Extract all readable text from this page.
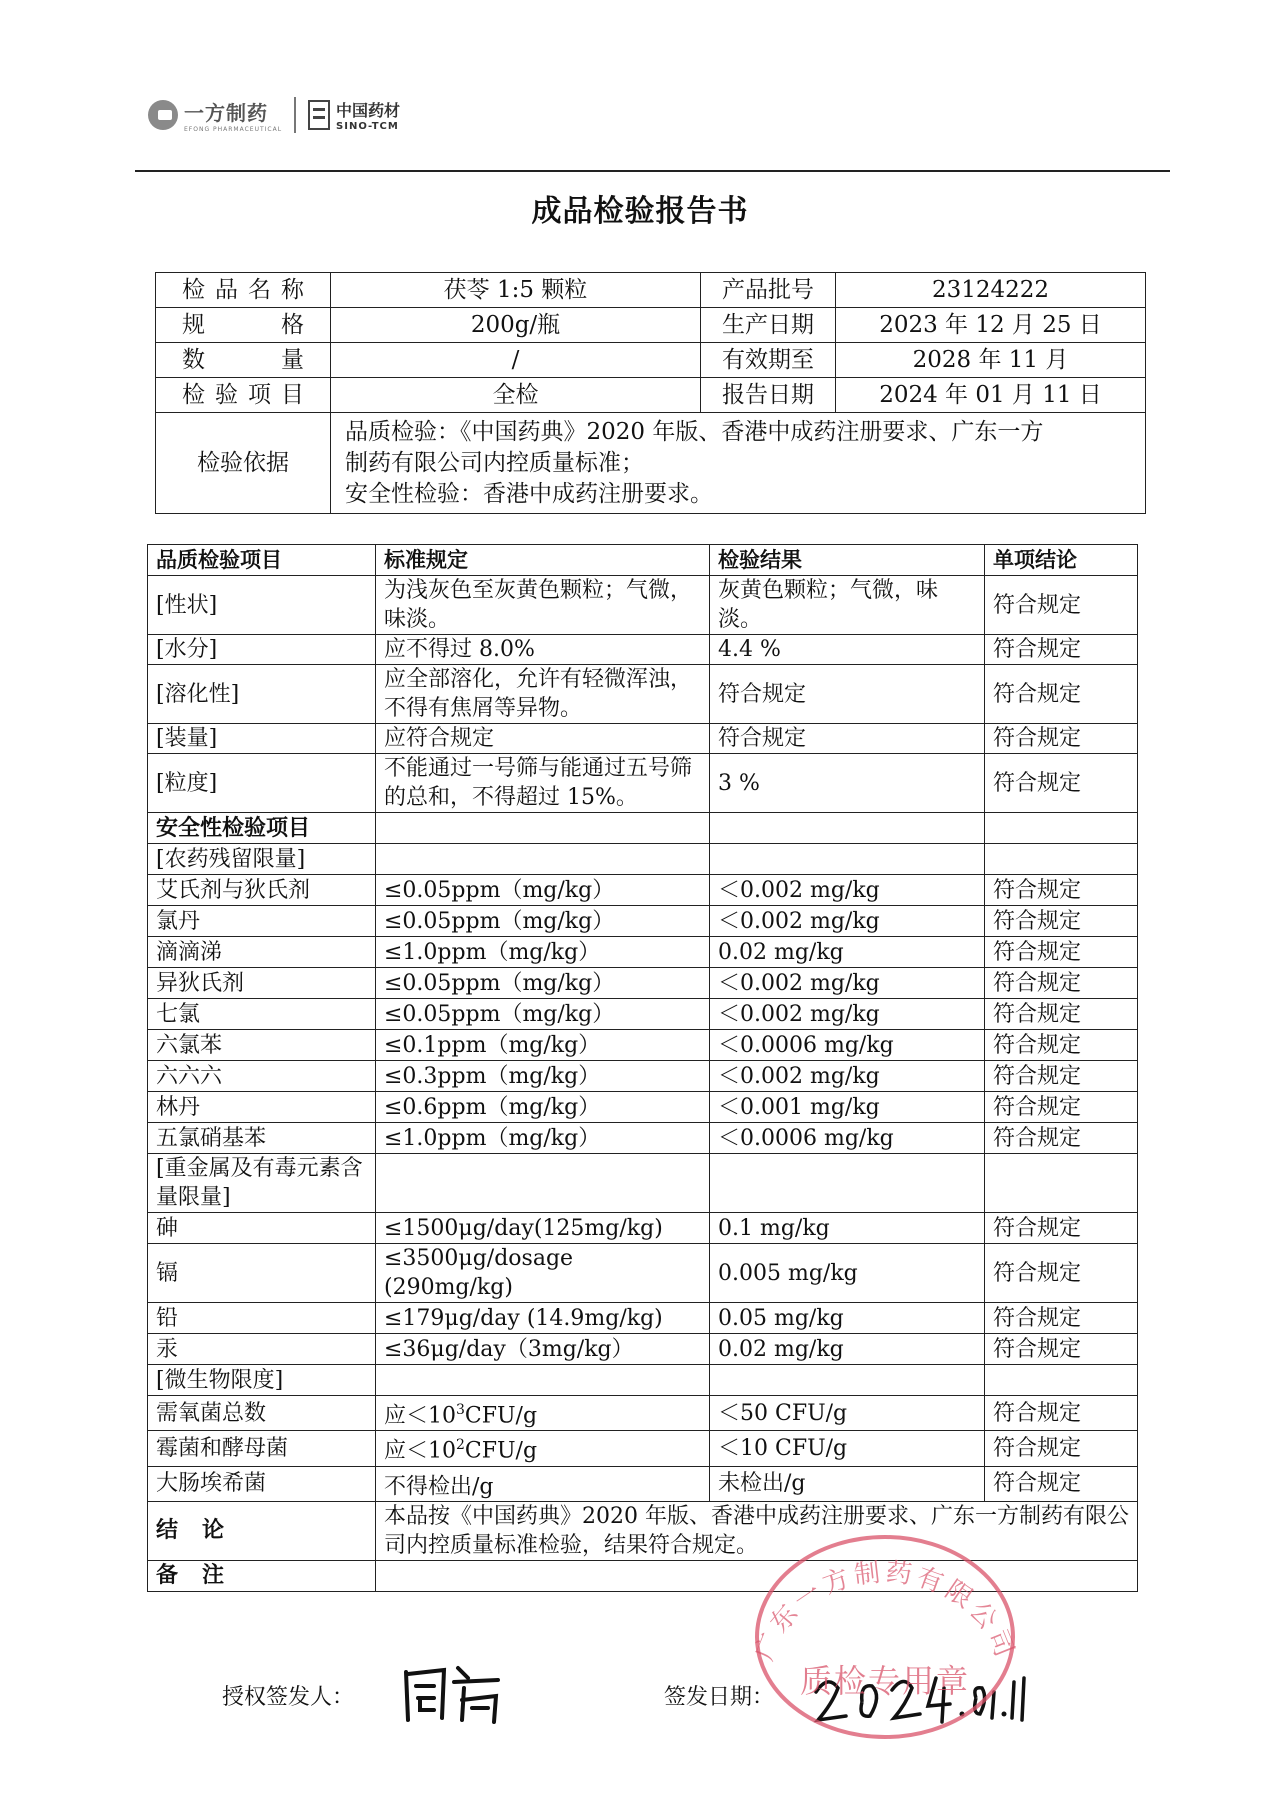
一方制药
EFONG PHARMACEUTICAL
中国药材
SINO-TCM
成品检验报告书
检品名称	茯苓 1:5 颗粒	产品批号	23124222
规格	200g/瓶	生产日期	2023 年 12 月 25 日
数量	/	有效期至	2028 年 11 月
检验项目	全检	报告日期	2024 年 01 月 11 日
检验依据	品质检验：《中国药典》2020 年版、香港中成药注册要求、广东一方
制药有限公司内控质量标准；
安全性检验：香港中成药注册要求。		
品质检验项目	标准规定	检验结果	单项结论
[性状]	为浅灰色至灰黄色颗粒；气微，味淡。	灰黄色颗粒；气微，味淡。	符合规定
[水分]	应不得过 8.0%	4.4 %	符合规定
[溶化性]	应全部溶化，允许有轻微浑浊，不得有焦屑等异物。	符合规定	符合规定
[装量]	应符合规定	符合规定	符合规定
[粒度]	不能通过一号筛与能通过五号筛的总和，不得超过 15%。	3 %	符合规定
安全性检验项目			
[农药残留限量]			
艾氏剂与狄氏剂	≤0.05ppm（mg/kg）	＜0.002 mg/kg	符合规定
氯丹	≤0.05ppm（mg/kg）	＜0.002 mg/kg	符合规定
滴滴涕	≤1.0ppm（mg/kg）	0.02 mg/kg	符合规定
异狄氏剂	≤0.05ppm（mg/kg）	＜0.002 mg/kg	符合规定
七氯	≤0.05ppm（mg/kg）	＜0.002 mg/kg	符合规定
六氯苯	≤0.1ppm（mg/kg）	＜0.0006 mg/kg	符合规定
六六六	≤0.3ppm（mg/kg）	＜0.002 mg/kg	符合规定
林丹	≤0.6ppm（mg/kg）	＜0.001 mg/kg	符合规定
五氯硝基苯	≤1.0ppm（mg/kg）	＜0.0006 mg/kg	符合规定
[重金属及有毒元素含量限量]			
砷	≤1500μg/day(125mg/kg)	0.1 mg/kg	符合规定
镉	≤3500μg/dosage (290mg/kg)	0.005 mg/kg	符合规定
铅	≤179μg/day (14.9mg/kg)	0.05 mg/kg	符合规定
汞	≤36μg/day（3mg/kg）	0.02 mg/kg	符合规定
[微生物限度]			
需氧菌总数	应$<10^3CFU/g$	＜50 CFU/g	符合规定
霉菌和酵母菌	应$<10^2CFU/g$	＜10 CFU/g	符合规定
大肠埃希菌	不得检出/g	未检出/g	符合规定
结论	本品按《中国药典》2020 年版、香港中成药注册要求、广东一方制药有限公司内控质量标准检验，结果符合规定。		
备注			
授权签发人：	签发日期：
广东一方制药有限公司
质检专用章
